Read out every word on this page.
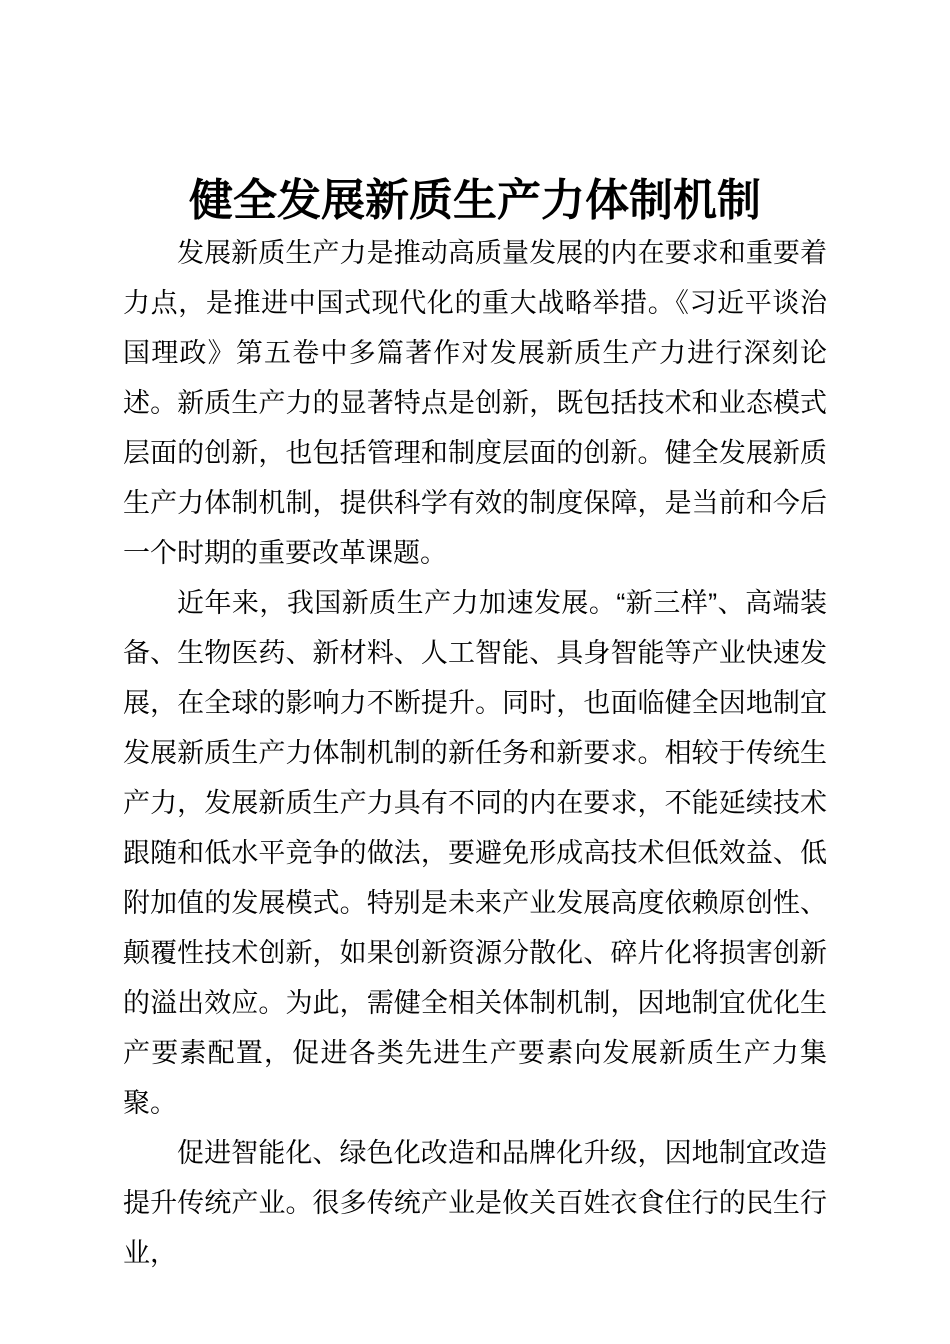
健全发展新质生产力体制机制

发展新质生产力是推动高质量发展的内在要求和重要着力点，是推进中国式现代化的重大战略举措。《习近平谈治国理政》第五卷中多篇著作对发展新质生产力进行深刻论述。新质生产力的显著特点是创新，既包括技术和业态模式层面的创新，也包括管理和制度层面的创新。健全发展新质生产力体制机制，提供科学有效的制度保障，是当前和今后一个时期的重要改革课题。

近年来，我国新质生产力加速发展。“新三样”、高端装备、生物医药、新材料、人工智能、具身智能等产业快速发展，在全球的影响力不断提升。同时，也面临健全因地制宜发展新质生产力体制机制的新任务和新要求。相较于传统生产力，发展新质生产力具有不同的内在要求，不能延续技术跟随和低水平竞争的做法，要避免形成高技术但低效益、低附加值的发展模式。特别是未来产业发展高度依赖原创性、颠覆性技术创新，如果创新资源分散化、碎片化将损害创新的溢出效应。为此，需健全相关体制机制，因地制宜优化生产要素配置，促进各类先进生产要素向发展新质生产力集聚。

促进智能化、绿色化改造和品牌化升级，因地制宜改造提升传统产业。很多传统产业是攸关百姓衣食住行的民生行业，
